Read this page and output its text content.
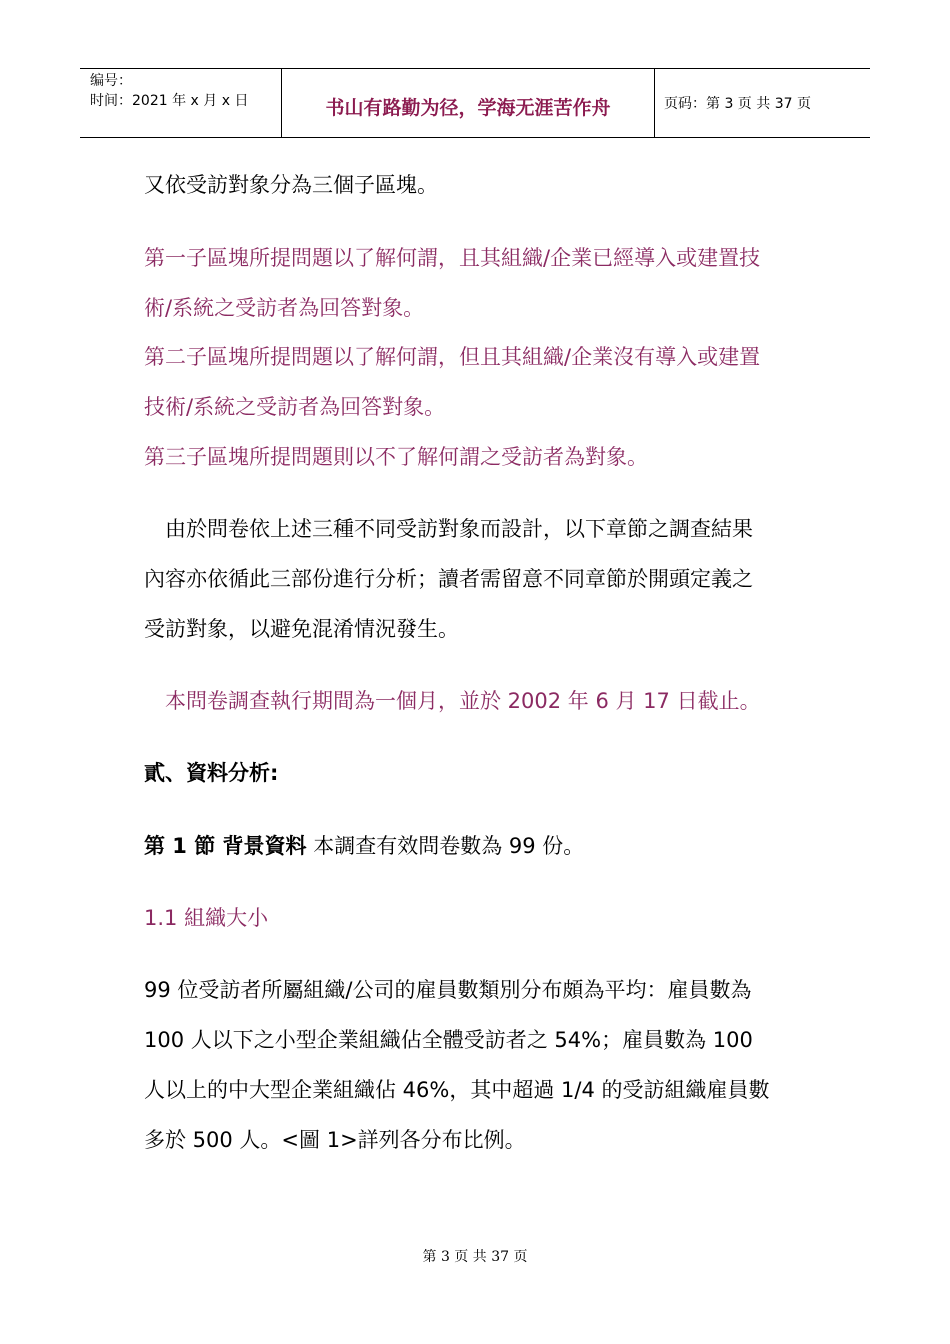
编号：
时间：2021 年 x 月 x 日	书山有路勤为径，学海无涯苦作舟	页码：第 3 页 共 37 页
又依受訪對象分為三個子區塊。
第一子區塊所提問題以了解何謂，且其組織/企業已經導入或建置技
術/系統之受訪者為回答對象。
第二子區塊所提問題以了解何謂，但且其組織/企業沒有導入或建置
技術/系統之受訪者為回答對象。
第三子區塊所提問題則以不了解何謂之受訪者為對象。
　由於問卷依上述三種不同受訪對象而設計，以下章節之調查結果
內容亦依循此三部份進行分析；讀者需留意不同章節於開頭定義之
受訪對象，以避免混淆情況發生。
　本問卷調查執行期間為一個月，並於 2002 年 6 月 17 日截止。
貳、資料分析:
第 1 節 背景資料 本調查有效問卷數為 99 份。
1.1 組織大小
99 位受訪者所屬組織/公司的雇員數類別分布頗為平均：雇員數為
100 人以下之小型企業組織佔全體受訪者之 54%；雇員數為 100
人以上的中大型企業組織佔 46%，其中超過 1/4 的受訪組織雇員數
多於 500 人。<圖 1>詳列各分布比例。
第 3 页 共 37 页
